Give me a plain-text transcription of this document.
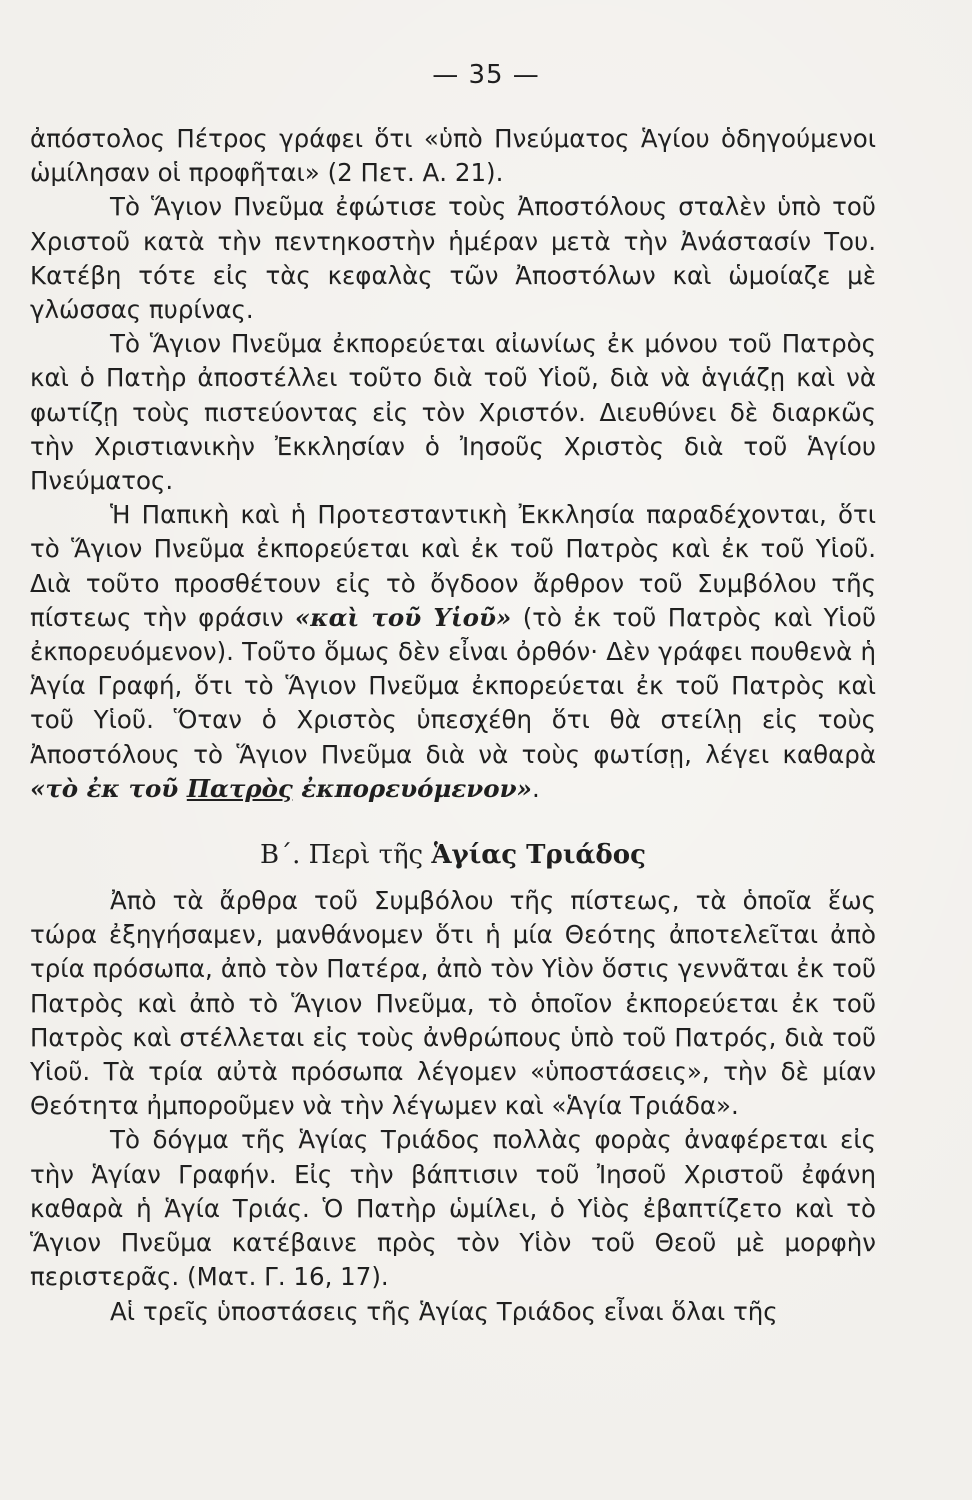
— 35 —

ἀπόστολος Πέτρος γράφει ὅτι «ὑπὸ Πνεύματος Ἁγίου ὁδηγούμενοι ὡμίλησαν οἱ προφῆται» (2 Πετ. Α. 21).

Τὸ Ἅγιον Πνεῦμα ἐφώτισε τοὺς Ἀποστόλους σταλὲν ὑπὸ τοῦ Χριστοῦ κατὰ τὴν πεντηκοστὴν ἡμέραν μετὰ τὴν Ἀνάστασίν Του. Κατέβη τότε εἰς τὰς κεφαλὰς τῶν Ἀποστόλων καὶ ὡμοίαζε μὲ γλώσσας πυρίνας.

Τὸ Ἅγιον Πνεῦμα ἐκπορεύεται αἰωνίως ἐκ μόνου τοῦ Πατρὸς καὶ ὁ Πατὴρ ἀποστέλλει τοῦτο διὰ τοῦ Υἱοῦ, διὰ νὰ ἁγιάζῃ καὶ νὰ φωτίζῃ τοὺς πιστεύοντας εἰς τὸν Χριστόν. Διευθύνει δὲ διαρκῶς τὴν Χριστιανικὴν Ἐκκλησίαν ὁ Ἰησοῦς Χριστὸς διὰ τοῦ Ἁγίου Πνεύματος.

Ἡ Παπικὴ καὶ ἡ Προτεσταντικὴ Ἐκκλησία παραδέχονται, ὅτι τὸ Ἅγιον Πνεῦμα ἐκπορεύεται καὶ ἐκ τοῦ Πατρὸς καὶ ἐκ τοῦ Υἱοῦ. Διὰ τοῦτο προσθέτουν εἰς τὸ ὄγδοον ἄρθρον τοῦ Συμβόλου τῆς πίστεως τὴν φράσιν «καὶ τοῦ Υἱοῦ» (τὸ ἐκ τοῦ Πατρὸς καὶ Υἱοῦ ἐκπορευόμενον). Τοῦτο ὅμως δὲν εἶναι ὀρθόν· Δὲν γράφει πουθενὰ ἡ Ἁγία Γραφή, ὅτι τὸ Ἅγιον Πνεῦμα ἐκπορεύεται ἐκ τοῦ Πατρὸς καὶ τοῦ Υἱοῦ. Ὅταν ὁ Χριστὸς ὑπεσχέθη ὅτι θὰ στείλῃ εἰς τοὺς Ἀποστόλους τὸ Ἅγιον Πνεῦμα διὰ νὰ τοὺς φωτίσῃ, λέγει καθαρὰ «τὸ ἐκ τοῦ Πατρὸς ἐκπορευόμενον».

Β΄. Περὶ τῆς Ἁγίας Τριάδος

Ἀπὸ τὰ ἄρθρα τοῦ Συμβόλου τῆς πίστεως, τὰ ὁποῖα ἕως τώρα ἐξηγήσαμεν, μανθάνομεν ὅτι ἡ μία Θεότης ἀποτελεῖται ἀπὸ τρία πρόσωπα, ἀπὸ τὸν Πατέρα, ἀπὸ τὸν Υἱὸν ὅστις γεννᾶται ἐκ τοῦ Πατρὸς καὶ ἀπὸ τὸ Ἅγιον Πνεῦμα, τὸ ὁποῖον ἐκπορεύεται ἐκ τοῦ Πατρὸς καὶ στέλλεται εἰς τοὺς ἀνθρώπους ὑπὸ τοῦ Πατρός, διὰ τοῦ Υἱοῦ. Τὰ τρία αὐτὰ πρόσωπα λέγομεν «ὑποστάσεις», τὴν δὲ μίαν Θεότητα ἠμποροῦμεν νὰ τὴν λέγωμεν καὶ «Ἁγία Τριάδα».

Τὸ δόγμα τῆς Ἁγίας Τριάδος πολλὰς φορὰς ἀναφέρεται εἰς τὴν Ἁγίαν Γραφήν. Εἰς τὴν βάπτισιν τοῦ Ἰησοῦ Χριστοῦ ἐφάνη καθαρὰ ἡ Ἁγία Τριάς. Ὁ Πατὴρ ὡμίλει, ὁ Υἱὸς ἐβαπτίζετο καὶ τὸ Ἅγιον Πνεῦμα κατέβαινε πρὸς τὸν Υἱὸν τοῦ Θεοῦ μὲ μορφὴν περιστερᾶς. (Ματ. Γ. 16, 17).

Αἱ τρεῖς ὑποστάσεις τῆς Ἁγίας Τριάδος εἶναι ὅλαι τῆς
